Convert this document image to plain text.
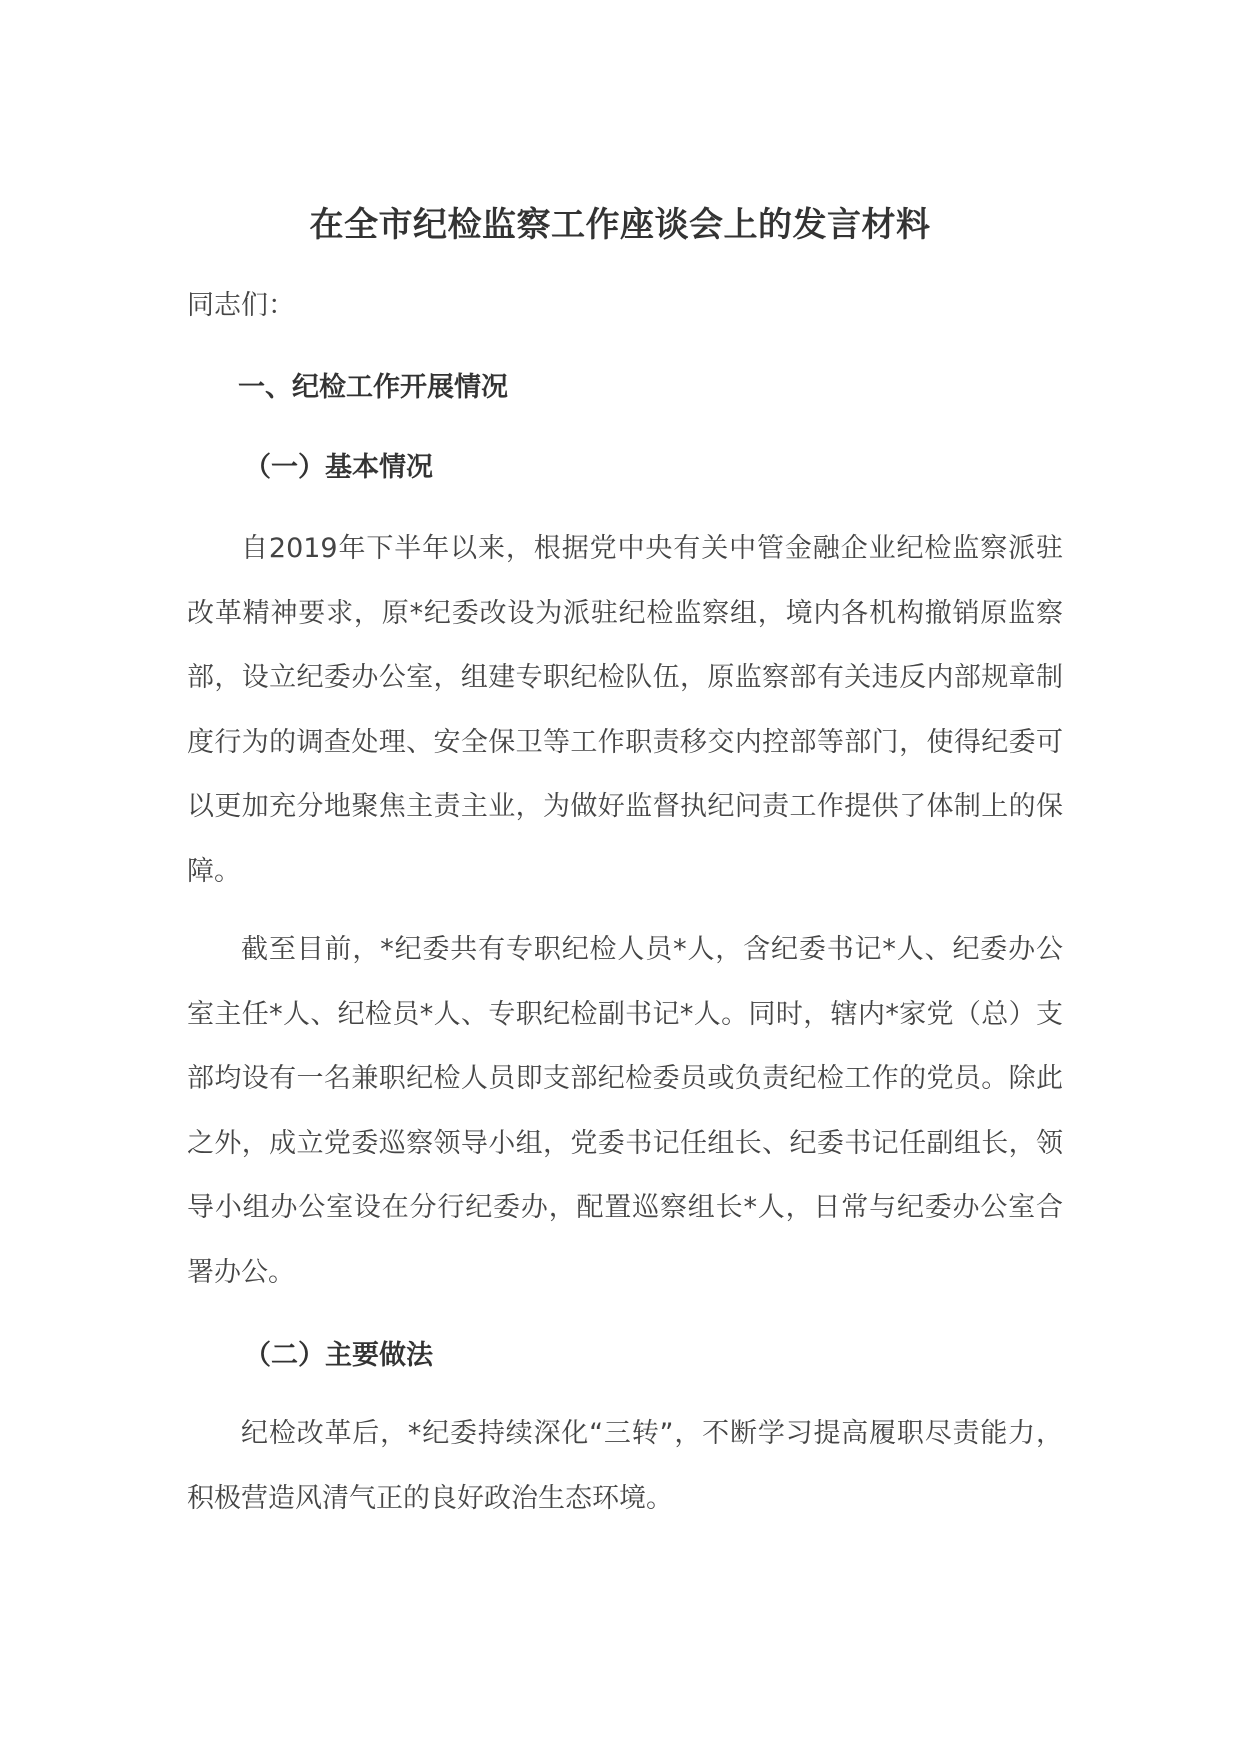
在全市纪检监察工作座谈会上的发言材料
同志们：
一、纪检工作开展情况
（一）基本情况

自2019年下半年以来，根据党中央有关中管金融企业纪检监察派驻改革精神要求，原*纪委改设为派驻纪检监察组，境内各机构撤销原监察部，设立纪委办公室，组建专职纪检队伍，原监察部有关违反内部规章制度行为的调查处理、安全保卫等工作职责移交内控部等部门，使得纪委可以更加充分地聚焦主责主业，为做好监督执纪问责工作提供了体制上的保障。

截至目前，*纪委共有专职纪检人员*人，含纪委书记*人、纪委办公室主任*人、纪检员*人、专职纪检副书记*人。同时，辖内*家党（总）支部均设有一名兼职纪检人员即支部纪检委员或负责纪检工作的党员。除此之外，成立党委巡察领导小组，党委书记任组长、纪委书记任副组长，领导小组办公室设在分行纪委办，配置巡察组长*人，日常与纪委办公室合署办公。

（二）主要做法

纪检改革后，*纪委持续深化“三转”，不断学习提高履职尽责能力，积极营造风清气正的良好政治生态环境。
